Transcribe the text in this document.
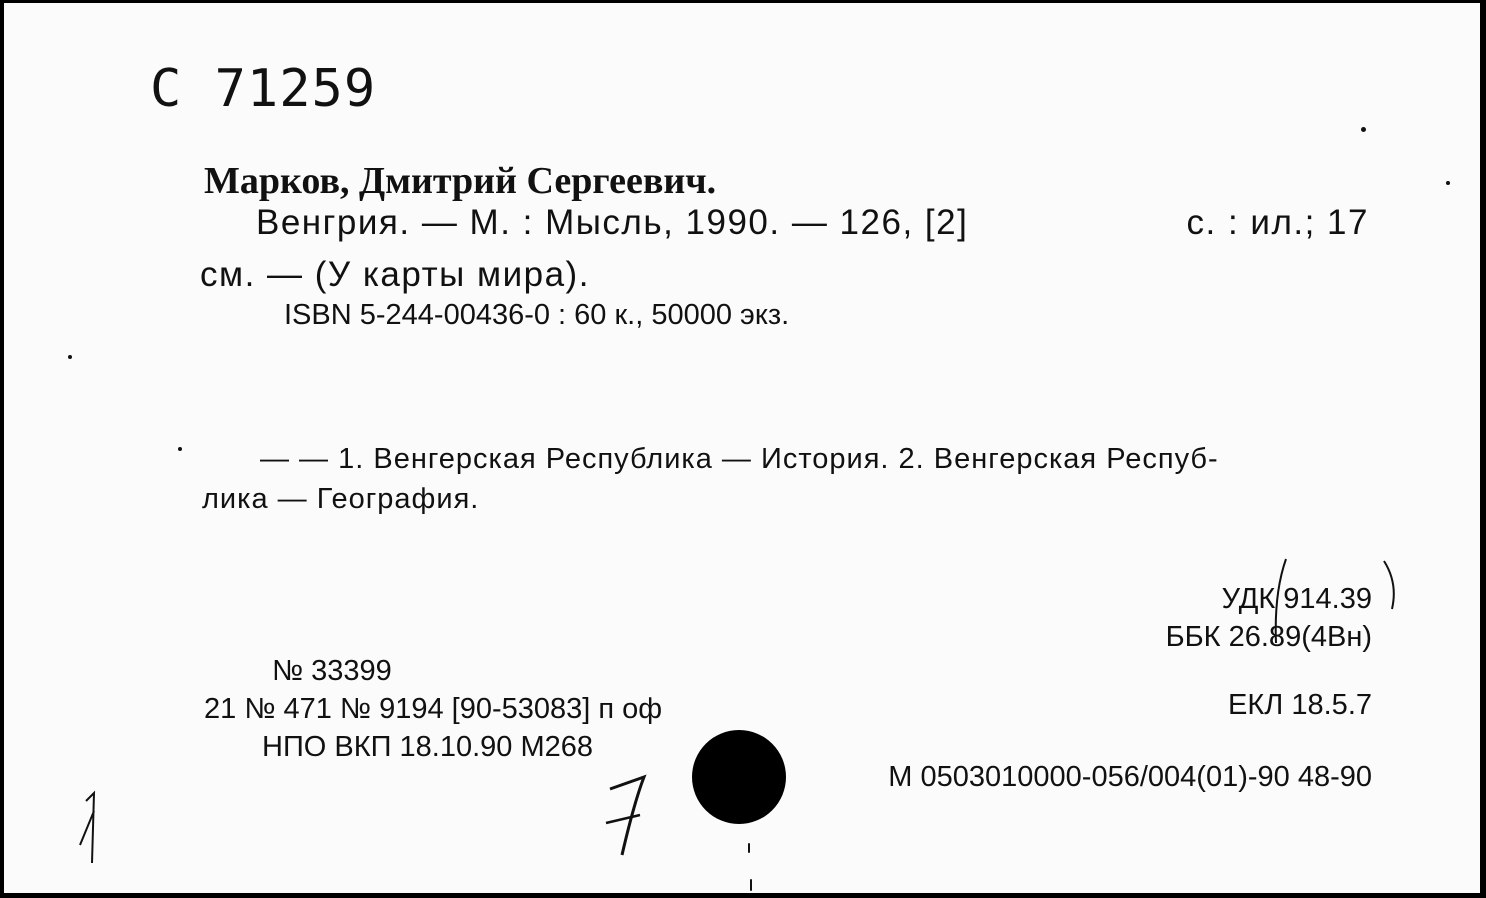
С 71259
Марков, Дмитрий Сергеевич.
Венгрия. — М. : Мысль, 1990. — 126, [2]	с. : ил.; 17
см. — (У карты мира).
ISBN 5-244-00436-0 : 60 к., 50000 экз.
— — 1. Венгерская Республика — История. 2. Венгерская Респуб-
лика — География.
УДК 914.39
ББК 26.89(4Вн)
ЕКЛ 18.5.7
М 0503010000-056/004(01)-90 48-90
№ 33399
21 № 471 № 9194 [90-53083] п оф
НПО ВКП 18.10.90 М268
